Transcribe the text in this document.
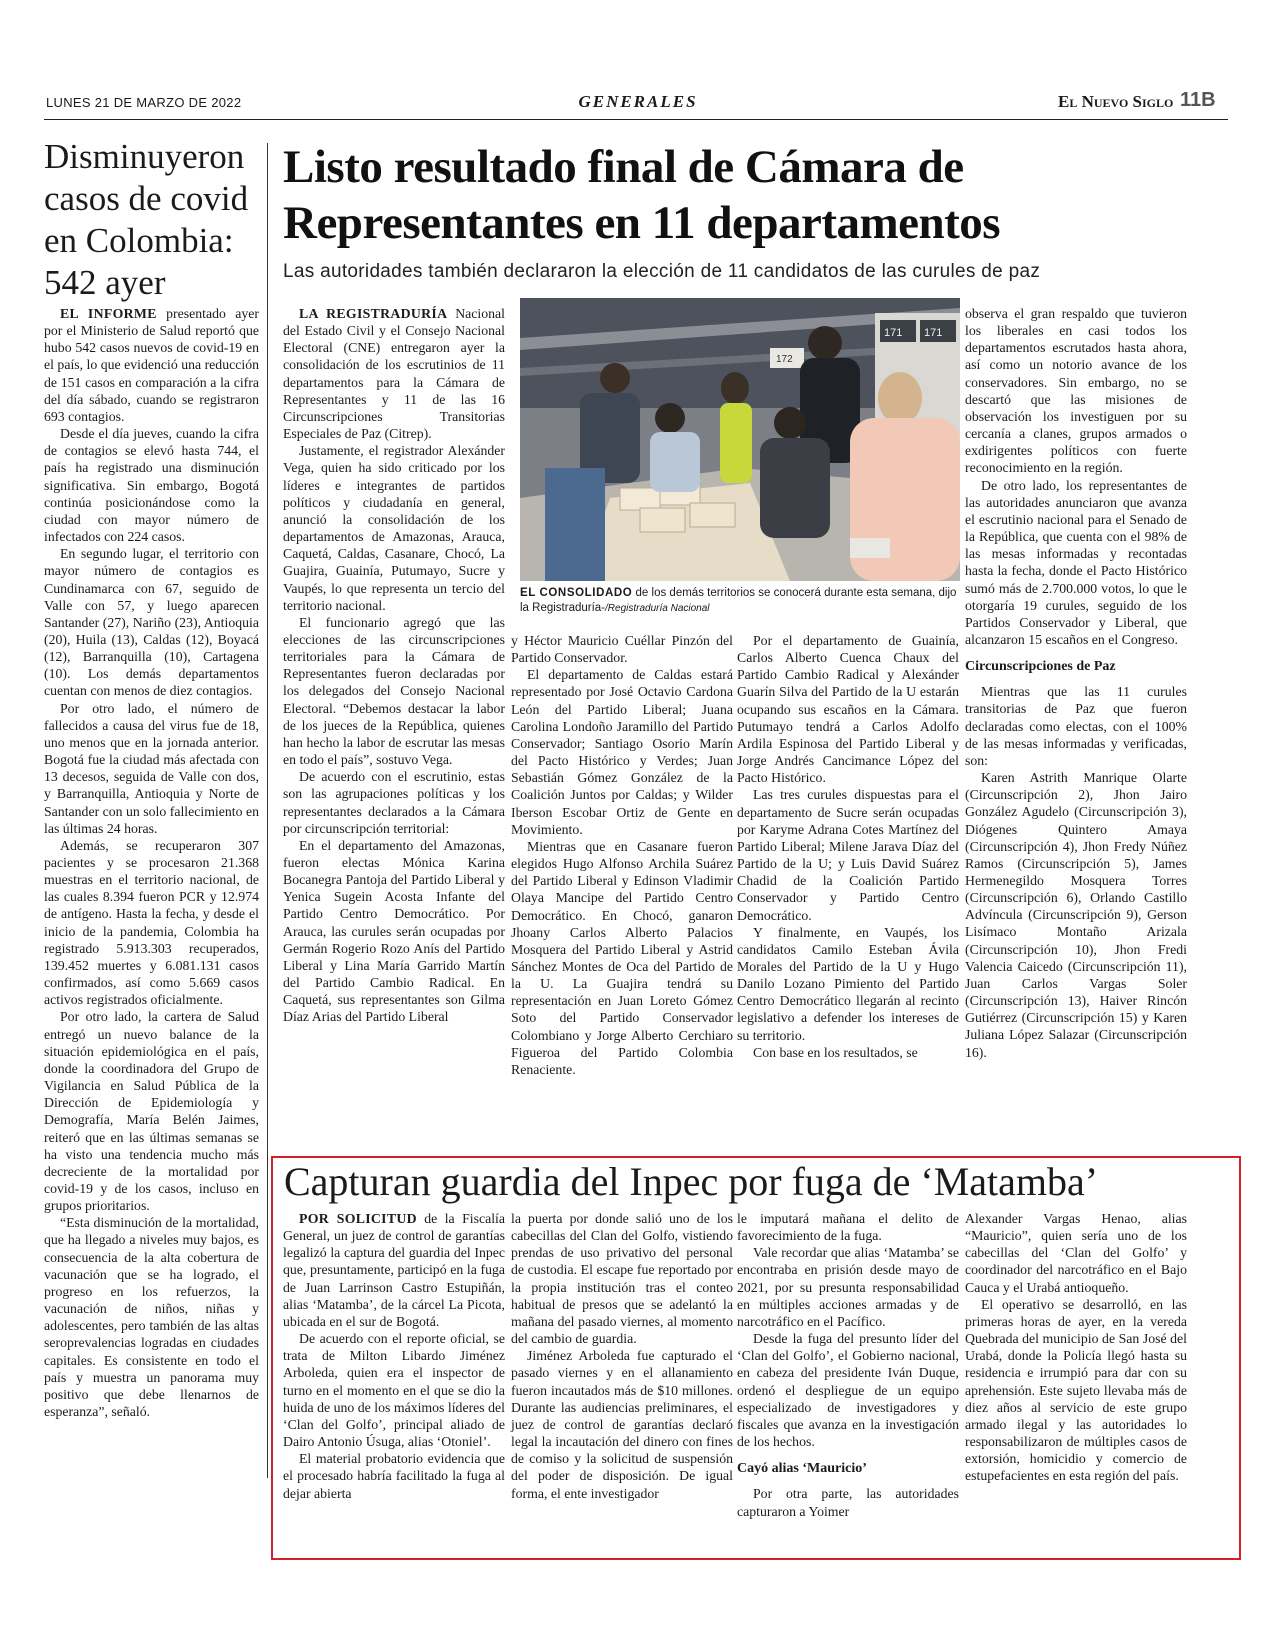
LUNES 21 DE MARZO DE 2022	GENERALES	El Nuevo Siglo 11B
Disminuyeron casos de covid en Colombia: 542 ayer

EL INFORME presentado ayer por el Ministerio de Salud reportó que hubo 542 casos nuevos de covid-19 en el país, lo que evidenció una reducción de 151 casos en comparación a la cifra del día sábado, cuando se registraron 693 contagios.

Desde el día jueves, cuando la cifra de contagios se elevó hasta 744, el país ha registrado una disminución significativa. Sin embargo, Bogotá continúa posicionándose como la ciudad con mayor número de infectados con 224 casos.

En segundo lugar, el territorio con mayor número de contagios es Cundinamarca con 67, seguido de Valle con 57, y luego aparecen Santander (27), Nariño (23), Antioquia (20), Huila (13), Caldas (12), Boyacá (12), Barranquilla (10), Cartagena (10). Los demás departamentos cuentan con menos de diez contagios.

Por otro lado, el número de fallecidos a causa del virus fue de 18, uno menos que en la jornada anterior. Bogotá fue la ciudad más afectada con 13 decesos, seguida de Valle con dos, y Barranquilla, Antioquia y Norte de Santander con un solo fallecimiento en las últimas 24 horas.

Además, se recuperaron 307 pacientes y se procesaron 21.368 muestras en el territorio nacional, de las cuales 8.394 fueron PCR y 12.974 de antígeno. Hasta la fecha, y desde el inicio de la pandemia, Colombia ha registrado 5.913.303 recuperados, 139.452 muertes y 6.081.131 casos confirmados, así como 5.669 casos activos registrados oficialmente.

Por otro lado, la cartera de Salud entregó un nuevo balance de la situación epidemiológica en el país, donde la coordinadora del Grupo de Vigilancia en Salud Pública de la Dirección de Epidemiología y Demografía, María Belén Jaimes, reiteró que en las últimas semanas se ha visto una tendencia mucho más decreciente de la mortalidad por covid-19 y de los casos, incluso en grupos prioritarios.

“Esta disminución de la mortalidad, que ha llegado a niveles muy bajos, es consecuencia de la alta cobertura de vacunación que se ha logrado, el progreso en los refuerzos, la vacunación de niños, niñas y adolescentes, pero también de las altas seroprevalencias logradas en ciudades capitales. Es consistente en todo el país y muestra un panorama muy positivo que debe llenarnos de esperanza”, señaló.

Listo resultado final de Cámara de Representantes en 11 departamentos
Las autoridades también declararon la elección de 11 candidatos de las curules de paz

LA REGISTRADURÍA Nacional del Estado Civil y el Consejo Nacional Electoral (CNE) entregaron ayer la consolidación de los escrutinios de 11 departamentos para la Cámara de Representantes y 11 de las 16 Circunscripciones Transitorias Especiales de Paz (Citrep).

Justamente, el registrador Alexánder Vega, quien ha sido criticado por los líderes e integrantes de partidos políticos y ciudadanía en general, anunció la consolidación de los departamentos de Amazonas, Arauca, Caquetá, Caldas, Casanare, Chocó, La Guajira, Guainía, Putumayo, Sucre y Vaupés, lo que representa un tercio del territorio nacional.

El funcionario agregó que las elecciones de las circunscripciones territoriales para la Cámara de Representantes fueron declaradas por los delegados del Consejo Nacional Electoral. “Debemos destacar la labor de los jueces de la República, quienes han hecho la labor de escrutar las mesas en todo el país”, sostuvo Vega.

De acuerdo con el escrutinio, estas son las agrupaciones políticas y los representantes declarados a la Cámara por circunscripción territorial:

En el departamento del Amazonas, fueron electas Mónica Karina Bocanegra Pantoja del Partido Liberal y Yenica Sugein Acosta Infante del Partido Centro Democrático. Por Arauca, las curules serán ocupadas por Germán Rogerio Rozo Anís del Partido Liberal y Lina María Garrido Martín del Partido Cambio Radical. En Caquetá, sus representantes son Gilma Díaz Arias del Partido Liberal

171 171
172
EL CONSOLIDADO de los demás territorios se conocerá durante esta semana, dijo la Registraduría-/Registraduría Nacional

y Héctor Mauricio Cuéllar Pinzón del Partido Conservador.

El departamento de Caldas estará representado por José Octavio Cardona León del Partido Liberal; Juana Carolina Londoño Jaramillo del Partido Conservador; Santiago Osorio Marín del Pacto Histórico y Verdes; Juan Sebastián Gómez González de la Coalición Juntos por Caldas; y Wilder Iberson Escobar Ortiz de Gente en Movimiento.

Mientras que en Casanare fueron elegidos Hugo Alfonso Archila Suárez del Partido Liberal y Edinson Vladimir Olaya Mancipe del Partido Centro Democrático. En Chocó, ganaron Jhoany Carlos Alberto Palacios Mosquera del Partido Liberal y Astrid Sánchez Montes de Oca del Partido de la U. La Guajira tendrá su representación en Juan Loreto Gómez Soto del Partido Conservador Colombiano y Jorge Alberto Cerchiaro Figueroa del Partido Colombia Renaciente.

Por el departamento de Guainía, Carlos Alberto Cuenca Chaux del Partido Cambio Radical y Alexánder Guarín Silva del Partido de la U estarán ocupando sus escaños en la Cámara. Putumayo tendrá a Carlos Adolfo Ardila Espinosa del Partido Liberal y Jorge Andrés Cancimance López del Pacto Histórico.

Las tres curules dispuestas para el departamento de Sucre serán ocupadas por Karyme Adrana Cotes Martínez del Partido Liberal; Milene Jarava Díaz del Partido de la U; y Luis David Suárez Chadid de la Coalición Partido Conservador y Partido Centro Democrático.

Y finalmente, en Vaupés, los candidatos Camilo Esteban Ávila Morales del Partido de la U y Hugo Danilo Lozano Pimiento del Partido Centro Democrático llegarán al recinto legislativo a defender los intereses de su territorio.

Con base en los resultados, se

observa el gran respaldo que tuvieron los liberales en casi todos los departamentos escrutados hasta ahora, así como un notorio avance de los conservadores. Sin embargo, no se descartó que las misiones de observación los investiguen por su cercanía a clanes, grupos armados o exdirigentes políticos con fuerte reconocimiento en la región.

De otro lado, los representantes de las autoridades anunciaron que avanza el escrutinio nacional para el Senado de la República, que cuenta con el 98% de las mesas informadas y recontadas hasta la fecha, donde el Pacto Histórico sumó más de 2.700.000 votos, lo que le otorgaría 19 curules, seguido de los Partidos Conservador y Liberal, que alcanzaron 15 escaños en el Congreso.

Circunscripciones de Paz

Mientras que las 11 curules transitorias de Paz que fueron declaradas como electas, con el 100% de las mesas informadas y verificadas, son:

Karen Astrith Manrique Olarte (Circunscripción 2), Jhon Jairo González Agudelo (Circunscripción 3), Diógenes Quintero Amaya (Circunscripción 4), Jhon Fredy Núñez Ramos (Circunscripción 5), James Hermenegildo Mosquera Torres (Circunscripción 6), Orlando Castillo Advíncula (Circunscripción 9), Gerson Lisímaco Montaño Arizala (Circunscripción 10), Jhon Fredi Valencia Caicedo (Circunscripción 11), Juan Carlos Vargas Soler (Circunscripción 13), Haiver Rincón Gutiérrez (Circunscripción 15) y Karen Juliana López Salazar (Circunscripción 16).

Capturan guardia del Inpec por fuga de ‘Matamba’

POR SOLICITUD de la Fiscalía General, un juez de control de garantías legalizó la captura del guardia del Inpec que, presuntamente, participó en la fuga de Juan Larrinson Castro Estupiñán, alias ‘Matamba’, de la cárcel La Picota, ubicada en el sur de Bogotá.

De acuerdo con el reporte oficial, se trata de Milton Libardo Jiménez Arboleda, quien era el inspector de turno en el momento en el que se dio la huida de uno de los máximos líderes del ‘Clan del Golfo’, principal aliado de Dairo Antonio Úsuga, alias ‘Otoniel’.

El material probatorio evidencia que el procesado habría facilitado la fuga al dejar abierta

la puerta por donde salió uno de los cabecillas del Clan del Golfo, vistiendo prendas de uso privativo del personal de custodia. El escape fue reportado por la propia institución tras el conteo habitual de presos que se adelantó la mañana del pasado viernes, al momento del cambio de guardia.

Jiménez Arboleda fue capturado el pasado viernes y en el allanamiento fueron incautados más de $10 millones. Durante las audiencias preliminares, el juez de control de garantías declaró legal la incautación del dinero con fines de comiso y la solicitud de suspensión del poder de disposición. De igual forma, el ente investigador

le imputará mañana el delito de favorecimiento de la fuga.

Vale recordar que alias ‘Matamba’ se encontraba en prisión desde mayo de 2021, por su presunta responsabilidad en múltiples acciones armadas y de narcotráfico en el Pacífico.

Desde la fuga del presunto líder del ‘Clan del Golfo’, el Gobierno nacional, en cabeza del presidente Iván Duque, ordenó el despliegue de un equipo especializado de investigadores y fiscales que avanza en la investigación de los hechos.

Cayó alias ‘Mauricio’

Por otra parte, las autoridades capturaron a Yoimer

Alexander Vargas Henao, alias “Mauricio”, quien sería uno de los cabecillas del ‘Clan del Golfo’ y coordinador del narcotráfico en el Bajo Cauca y el Urabá antioqueño.

El operativo se desarrolló, en las primeras horas de ayer, en la vereda Quebrada del municipio de San José del Urabá, donde la Policía llegó hasta su residencia e irrumpió para dar con su aprehensión. Este sujeto llevaba más de diez años al servicio de este grupo armado ilegal y las autoridades lo responsabilizaron de múltiples casos de extorsión, homicidio y comercio de estupefacientes en esta región del país.
